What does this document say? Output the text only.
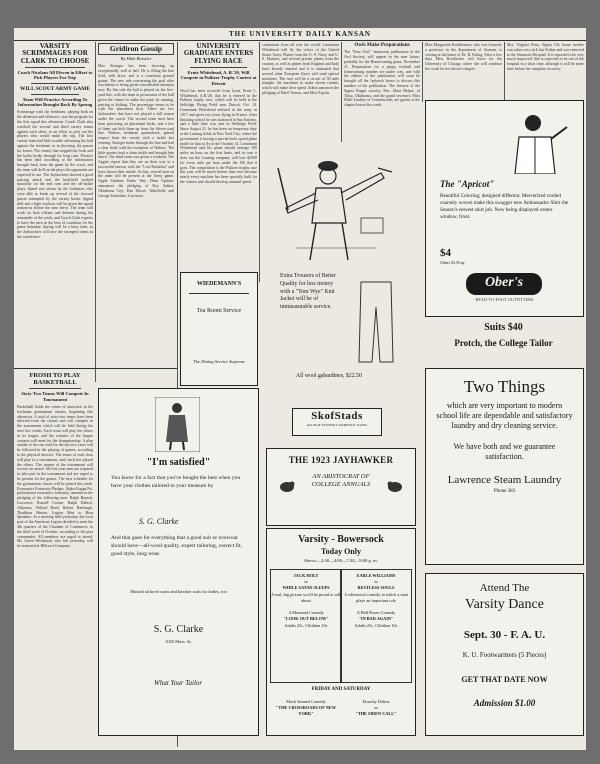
THE UNIVERSITY DAILY KANSAN
VARSITY SCRIMMAGES FOR CLARK TO CHOOSE
Coach Nicolans All Eleven in Effort to Pick Players For Trip
WILL SCOUT ARMY GAME
Team Will Practice According To Information Brought Back By Sprong
Scrimmage with the freshmen, playing both on the defensive and offensive, was the program for the first squad this afternoon. Coach Clark also watched the second and third varsity teams against each other, in an effort to pick out the players who would make the trip. The first varsity team had little trouble advancing the ball against the freshmen or in throwing the passes for losses. The varsity line stopped the frosh and the backs broke through for long runs. Practice has been held according to the information brought back from the game by the scout, and the team will drill on the plays the opponents are expected to use. The Jayhawkers showed a good passing attack and the backfield worked smoothly on the end runs and the off-tackle plays. Speed was shown by the freshmen, who were able to break up several of the forward passes attempted by the varsity backs. Signal drill and a light workout will be given the squad tomorrow before the men leave. The team will work on both offense and defense during the remainder of the week, and Coach Clark expects to have the men in the best of condition for the game Saturday. Spring will be a busy time, as the Jayhawkers will face the strongest teams in the conference.
FROSH TO PLAY BASKETBALL
Sixty-Two Teams Will Compete In Tournament
Basketball holds the center of attraction in the freshman gymnasium classes, beginning this afternoon. A total of sixty-two teams have been selected from the classes and will compete in the tournament which will be held during the next few weeks. Each team will play the others in its league, and the winners of the league contests will meet for the championship. A plan similar to the one used for the last two years will be followed in the playing of games, according to the physical director. The teams of each class will play in a tournament, until each has played the others. The winner of the tournament will receive an award. All first-year men are required to take part in the tournament and are urged to be present for the games. The new schedule for the gymnasium classes will be posted this week. Economics Fraternity Pledges. Alpha Kappa Psi, professional economics fraternity, announces the pledging of the following men: Ralph Barnett, Lawrence; Russell Crouse; Ralph Dabich, Atkinson; Willard Reed; Robert Harbaugh, Thaddeus Hinton. Legion Men to Hear Speakers. At a meeting held yesterday, the local post of the American Legion decided to meet the 4th quarters of the Chamber of Commerce, in the third week of October, according to the post commander. All members are urged to attend. Mr. Green Westbrook, who left yesterday, will be stationed at Hillcrest Company.
Gridiron Gossip
By Hide Bessiler
Max Krueger has been showing up exceptionally well at half. He is filling the line field, with drive, and is a consistent ground gainer. The new rule concerning the goal after touchdown is being given considerable attention now. By this rule the ball is placed on the five-yard line, with the team in possession of the ball given the chance to make the point by running, passing or kicking. The percentage seems to be with the placement kick. There are few Jayhawkers that have not played a full season under the coach. The second team men have been practicing on placement kicks, and a few of them can kick them up from the fifteen yard line. Walters, freshman quarterback, gained respect from the varsity with a tackle last evening. Krueger broke through the line and had a clear field, with the exception of Walters. The little quarter took a clean tackle and brought him down. The third team was given a workout. The Aggies report that they are on their way to a successful season, with the "Lost Battalion" and have shown their mettle. At that, several men on the team will be present at the Army game. Apple Stadium Under Way. Dean Upshaw announces the pledging of Roy Saltier, Oklahoma City; Dan Moore, Wakefield; and George Schneider, Lawrence.
UNIVERSITY GRADUATE ENTERS FLYING RACE
Ernie Whitehead, A. B.'20, Will Compete in Pulitzer Trophy Contest at Detroit
Word has been received from Lieut. Ernie C. Whitehead, A.B.'20, that he is entered in the Pulitzer trophy race, which will be held at the Selfridge Flying Field near Detroit, Oct. 14. Lieutenant Whitehead enlisted in the army in 1917 and spent two years flying in France. After finishing school he was stationed at San Antonio, and a little later was sent to Selfridge Field. Since August 21, he has been on temporary duty at the Lansing fields in New York City, where the government is having a special built, speed plane made for him to fly in the October 14. Lieutenant Whitehead said his plane should average 190 miles an hour on the first heats, and in case it does not the Lansing company will lose $2500 for every mile per hour under the 190 that it goes. The competition is the Pulitzer trophy race this year will be much keener than ever because nearly every machine has been specially built for the contest and should develop unusual speed.
contestants from all over the world. Lieutenant Whitehead will fly the colors of the United States Army. Planes from the U. S. Navy, and U. S. Marines, and several private planes from the country, as well as planes from England and Italy have already entered and it is estimated that several other European flyers will send special machines. The race will be a circuit of 50 mile triangle, the machines to make eleven rounds, which will make their speed. Admit annonces the pledging of Ethel Vernon, and Miss Espoln.
Owls Make Preparations
The "Sour Owl," humorous publication of the Owl Society, will appear in the near future, probably for the Homecoming game, November 11. Preparations for a peppy football and homecoming number are under way, and with the editors of the publication will soon be brought all the Jayhawk house to discuss this number of the publication. The director of the Sigma Kappa sorority, Mrs. Alma Helper, of Tulsa, Oklahoma, and the grand secretary, Miss Edith Lindsey of Leavenworth, are guests at the chapter house this week.
Miss Marguerite Ruckhenson, who was formerly a professor in the department of German, is visiting at the home of Dr. R. Esling. After a few days Miss Rockhetter will leave for the University of Chicago where she will continue her work for her doctor's degree.
Mrs. Virginia Petty, Sigma Chi house mother was taken very sick last Friday and was removed to the Simmons Hospital. It is reported to be very much improved. She is expected to be out of the hospital in a short time, although it will be some time before her complete recovery.
WIEDEMANN'S
Tea Room Service
The Dining Service Supreme
"I'm satisfied"
You know for a fact that you've bought the best when you have your clothes tailored to your measure by
S. G. Clarke
And that goes for everything that a good suit or overcoat should have—all-wool quality, expert tailoring, correct fit, good style, long wear.
Munich tailored coats and knicker suits for ladies, too
S. G. Clarke
1025 Mass. St.
What Your Tailor
Extra Trousers of Better Quality for less money with a "Tom Wye" Knit Jacket will be of immeasurable service.
All wool gabardines, $22.50
SkofStads
ALLIN & SYSTEM LAWRENCE, KANS.
THE 1923 JAYHAWKER
AN ARISTOCRAT OF COLLEGE ANNUALS
Varsity - Bowersock
Today Only
Shows—2:30—4:00—7:30—9:00 p. m.
JACK HOLT
in
WHILE SATAN SLEEPS
A real, big picture you'll be proud to talk about
A Mermaid Comedy
"LOOK OUT BELOW"
Adults 25c, Children 10c
EARLE WILLIAMS
in
RESTLESS SOULS
A whimsical comedy in which a man plays an important role
A Hall Room Comedy
"IN BAD AGAIN"
Adults 25c, Children 10c
FRIDAY AND SATURDAY
Mack Sennett Comedy
"THE CROSSROADS OF NEW YORK"
Dorothy Dalton
in
"THE SIREN CALL"
The "Apricot"
Beautiful Coloring; designed different. Mercerized corded coarsely woven make this swagger new Ambassador Shirt the Season's newest shirt job. Now being displayed center window, front.
$4
Others $3.50 up
Ober's
HEAD-TO-FOOT OUTFITTERS
Suits $40
Protch, the College Tailor
Two Things
which are very important to modern school life are dependable and satisfactory laundry and dry cleaning service.
We have both and we guarantee satisfaction.
Lawrence Steam Laundry
Phone 383
Attend The
Varsity Dance
Sept. 30 - F. A. U.
K. U. Footwarmers (5 Pieces)
GET THAT DATE NOW
Admission $1.00
